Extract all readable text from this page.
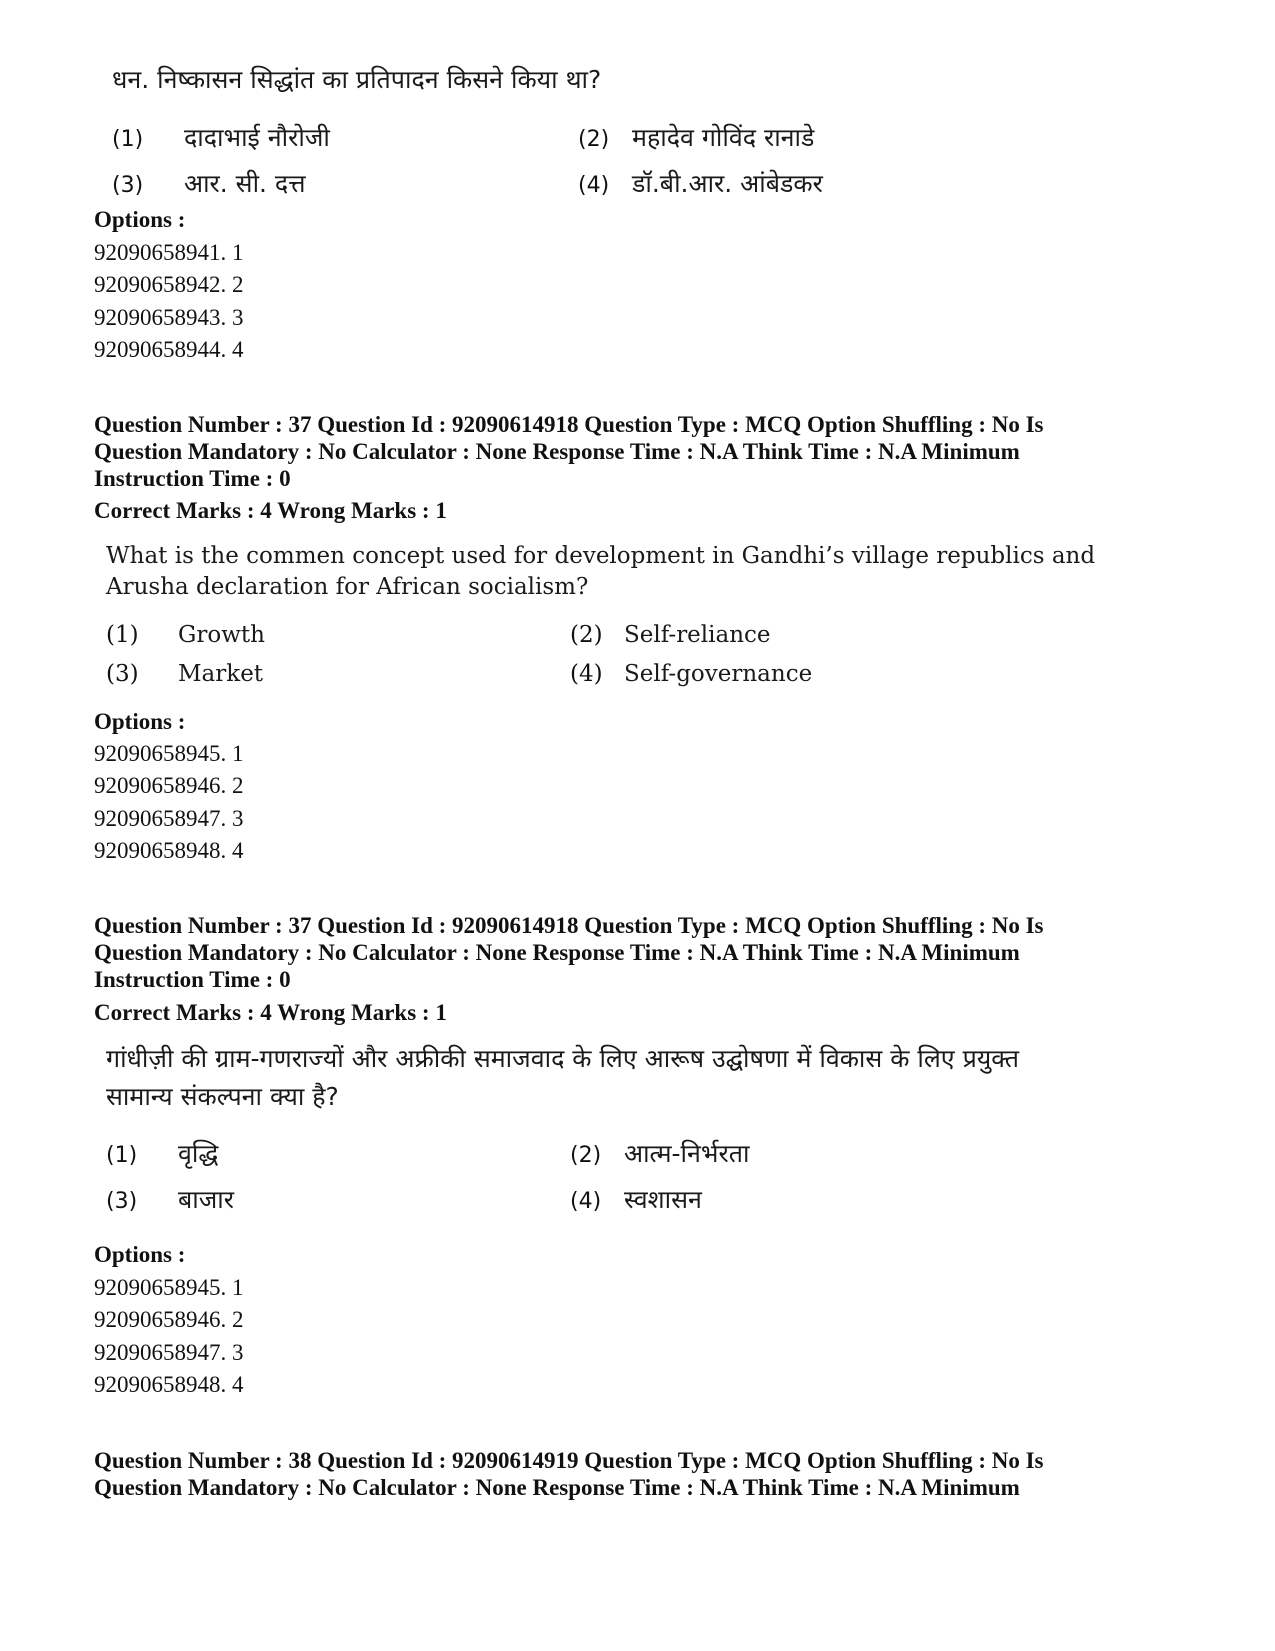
धन. निष्कासन सिद्धांत का प्रतिपादन किसने किया था?
(1)	दादाभाई नौरोजी	(2) महादेव गोविंद रानाडे
(3)	आर. सी. दत्त	(4) डॉ.बी.आर. आंबेडकर
Options :
92090658941. 1
92090658942. 2
92090658943. 3
92090658944. 4
Question Number : 37 Question Id : 92090614918 Question Type : MCQ Option Shuffling : No Is
Question Mandatory : No Calculator : None Response Time : N.A Think Time : N.A Minimum
Instruction Time : 0
Correct Marks : 4 Wrong Marks : 1
What is the commen concept used for development in Gandhi’s village republics and
Arusha declaration for African socialism?
(1)	Growth	(2) Self-reliance
(3)	Market	(4) Self-governance
Options :
92090658945. 1
92090658946. 2
92090658947. 3
92090658948. 4
Question Number : 37 Question Id : 92090614918 Question Type : MCQ Option Shuffling : No Is
Question Mandatory : No Calculator : None Response Time : N.A Think Time : N.A Minimum
Instruction Time : 0
Correct Marks : 4 Wrong Marks : 1
गांधीज़ी की ग्राम-गणराज्यों और अफ्रीकी समाजवाद के लिए आरूष उद्घोषणा में विकास के लिए प्रयुक्त
सामान्य संकल्पना क्या है?
(1)	वृद्धि	(2) आत्म-निर्भरता
(3)	बाजार	(4) स्वशासन
Options :
92090658945. 1
92090658946. 2
92090658947. 3
92090658948. 4
Question Number : 38 Question Id : 92090614919 Question Type : MCQ Option Shuffling : No Is
Question Mandatory : No Calculator : None Response Time : N.A Think Time : N.A Minimum
